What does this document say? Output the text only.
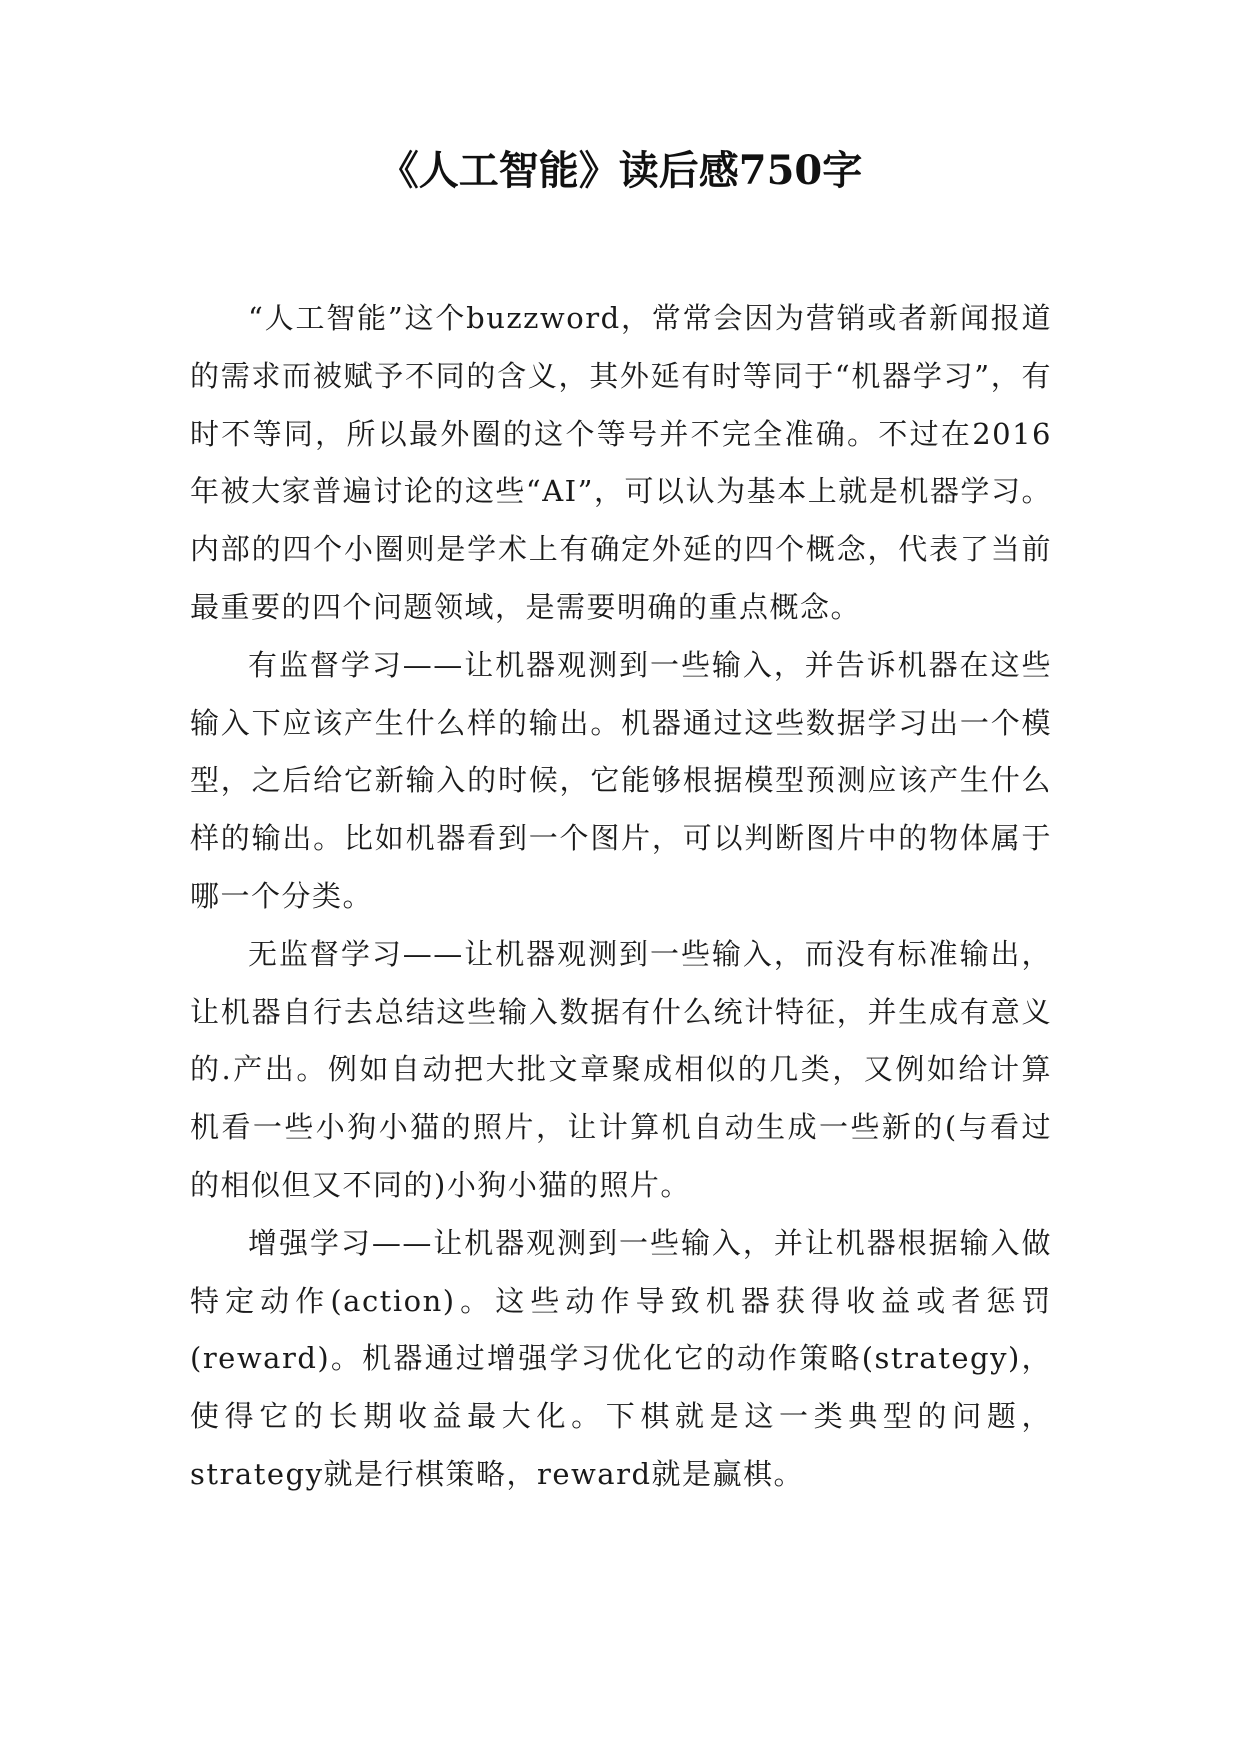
《人工智能》读后感750字

“人工智能”这个buzzword，常常会因为营销或者新闻报道的需求而被赋予不同的含义，其外延有时等同于“机器学习”，有时不等同，所以最外圈的这个等号并不完全准确。不过在2016年被大家普遍讨论的这些“AI”，可以认为基本上就是机器学习。内部的四个小圈则是学术上有确定外延的四个概念，代表了当前最重要的四个问题领域，是需要明确的重点概念。

有监督学习——让机器观测到一些输入，并告诉机器在这些输入下应该产生什么样的输出。机器通过这些数据学习出一个模型，之后给它新输入的时候，它能够根据模型预测应该产生什么样的输出。比如机器看到一个图片，可以判断图片中的物体属于哪一个分类。

无监督学习——让机器观测到一些输入，而没有标准输出，让机器自行去总结这些输入数据有什么统计特征，并生成有意义的.产出。例如自动把大批文章聚成相似的几类，又例如给计算机看一些小狗小猫的照片，让计算机自动生成一些新的(与看过的相似但又不同的)小狗小猫的照片。

增强学习——让机器观测到一些输入，并让机器根据输入做特定动作(action)。这些动作导致机器获得收益或者惩罚(reward)。机器通过增强学习优化它的动作策略(strategy)，使得它的长期收益最大化。下棋就是这一类典型的问题，strategy就是行棋策略，reward就是赢棋。
